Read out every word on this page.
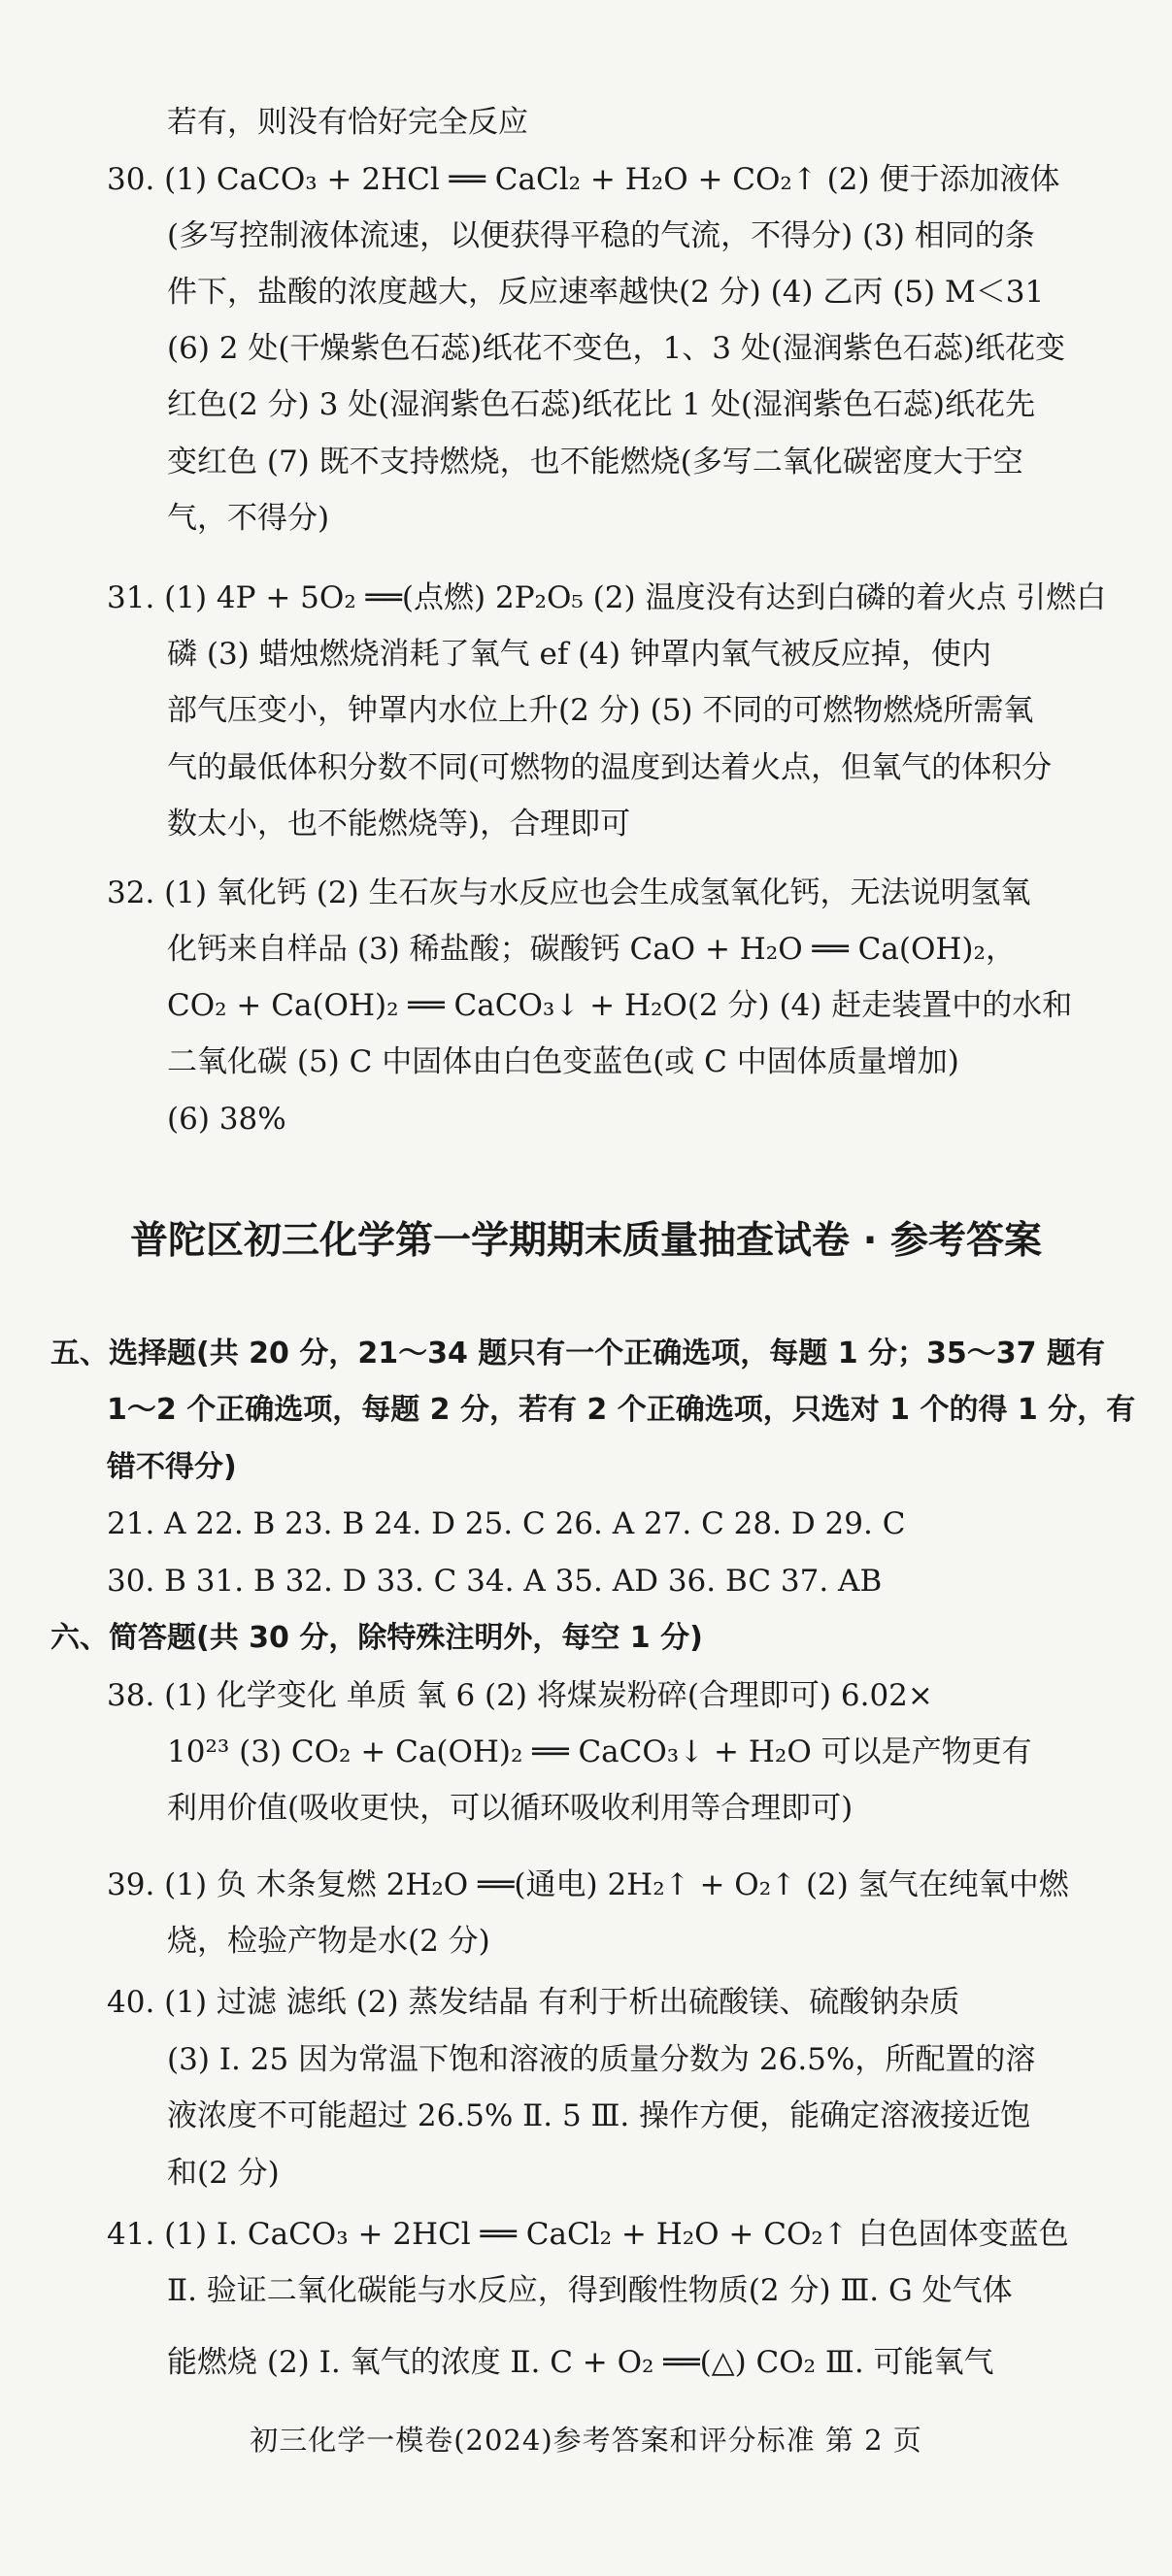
若有，则没有恰好完全反应
30. (1) CaCO₃ + 2HCl ══ CaCl₂ + H₂O + CO₂↑ (2) 便于添加液体
(多写控制液体流速，以便获得平稳的气流，不得分) (3) 相同的条
件下，盐酸的浓度越大，反应速率越快(2 分) (4) 乙丙 (5) M＜31
(6) 2 处(干燥紫色石蕊)纸花不变色，1、3 处(湿润紫色石蕊)纸花变
红色(2 分) 3 处(湿润紫色石蕊)纸花比 1 处(湿润紫色石蕊)纸花先
变红色 (7) 既不支持燃烧，也不能燃烧(多写二氧化碳密度大于空
气，不得分)
31. (1) 4P + 5O₂ ══(点燃) 2P₂O₅ (2) 温度没有达到白磷的着火点 引燃白
磷 (3) 蜡烛燃烧消耗了氧气 ef (4) 钟罩内氧气被反应掉，使内
部气压变小，钟罩内水位上升(2 分) (5) 不同的可燃物燃烧所需氧
气的最低体积分数不同(可燃物的温度到达着火点，但氧气的体积分
数太小，也不能燃烧等)，合理即可
32. (1) 氧化钙 (2) 生石灰与水反应也会生成氢氧化钙，无法说明氢氧
化钙来自样品 (3) 稀盐酸；碳酸钙 CaO + H₂O ══ Ca(OH)₂，
CO₂ + Ca(OH)₂ ══ CaCO₃↓ + H₂O(2 分) (4) 赶走装置中的水和
二氧化碳 (5) C 中固体由白色变蓝色(或 C 中固体质量增加)
(6) 38%
普陀区初三化学第一学期期末质量抽查试卷 · 参考答案
五、选择题(共 20 分，21～34 题只有一个正确选项，每题 1 分；35～37 题有
1～2 个正确选项，每题 2 分，若有 2 个正确选项，只选对 1 个的得 1 分，有
错不得分)
21. A 22. B 23. B 24. D 25. C 26. A 27. C 28. D 29. C
30. B 31. B 32. D 33. C 34. A 35. AD 36. BC 37. AB
六、简答题(共 30 分，除特殊注明外，每空 1 分)
38. (1) 化学变化 单质 氧 6 (2) 将煤炭粉碎(合理即可) 6.02×
10²³ (3) CO₂ + Ca(OH)₂ ══ CaCO₃↓ + H₂O 可以是产物更有
利用价值(吸收更快，可以循环吸收利用等合理即可)
39. (1) 负 木条复燃 2H₂O ══(通电) 2H₂↑ + O₂↑ (2) 氢气在纯氧中燃
烧，检验产物是水(2 分)
40. (1) 过滤 滤纸 (2) 蒸发结晶 有利于析出硫酸镁、硫酸钠杂质
(3) Ⅰ. 25 因为常温下饱和溶液的质量分数为 26.5%，所配置的溶
液浓度不可能超过 26.5% Ⅱ. 5 Ⅲ. 操作方便，能确定溶液接近饱
和(2 分)
41. (1) Ⅰ. CaCO₃ + 2HCl ══ CaCl₂ + H₂O + CO₂↑ 白色固体变蓝色
Ⅱ. 验证二氧化碳能与水反应，得到酸性物质(2 分) Ⅲ. G 处气体
能燃烧 (2) Ⅰ. 氧气的浓度 Ⅱ. C + O₂ ══(△) CO₂ Ⅲ. 可能氧气
初三化学一模卷(2024)参考答案和评分标准 第 2 页
